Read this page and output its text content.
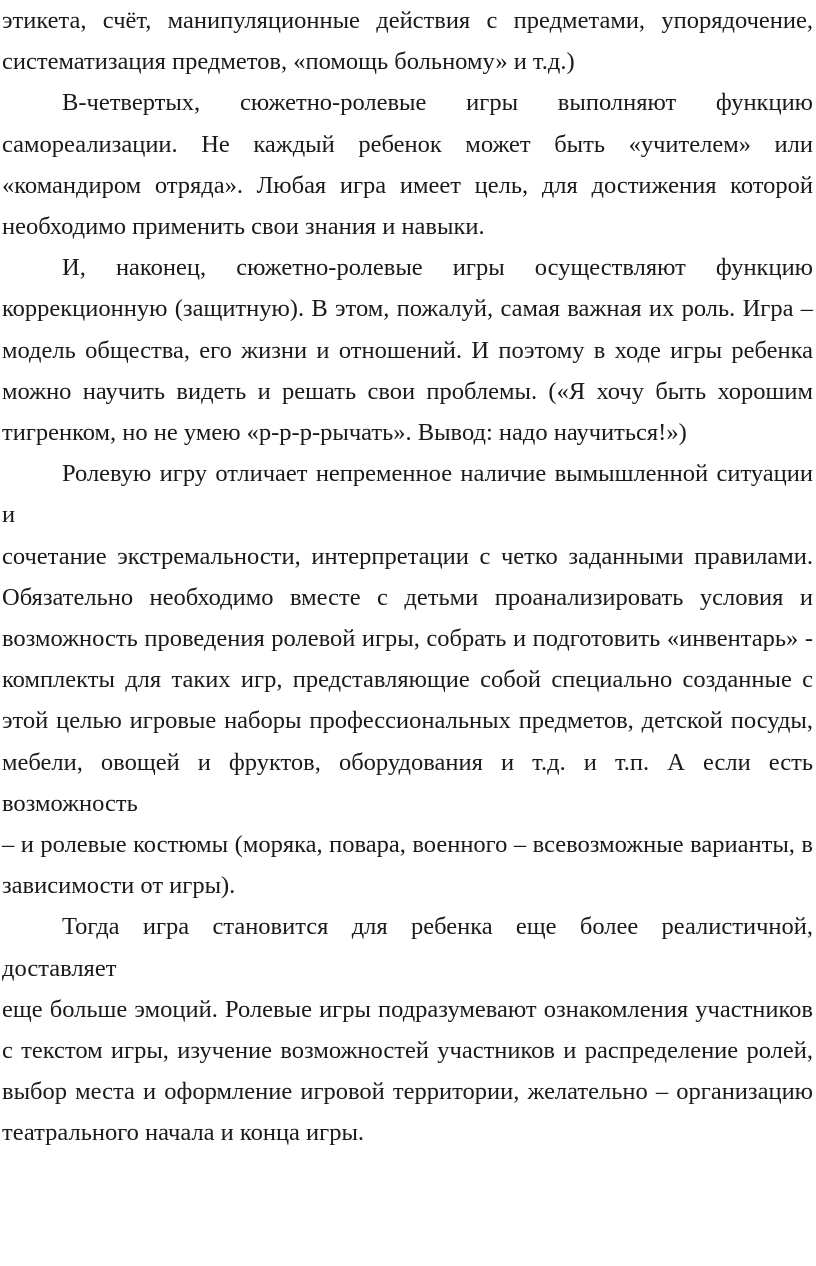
этикета, счёт, манипуляционные действия с предметами, упорядочение,
систематизация предметов, «помощь больному» и т.д.)

В-четвертых, сюжетно-ролевые игры выполняют функцию
самореализации. Не каждый ребенок может быть «учителем» или
«командиром отряда». Любая игра имеет цель, для достижения которой
необходимо применить свои знания и навыки.

И, наконец, сюжетно-ролевые игры осуществляют функцию
коррекционную (защитную). В этом, пожалуй, самая важная их роль. Игра –
модель общества, его жизни и отношений. И поэтому в ходе игры ребенка
можно научить видеть и решать свои проблемы. («Я хочу быть хорошим
тигренком, но не умею «р-р-р-рычать». Вывод: надо научиться!»)

Ролевую игру отличает непременное наличие вымышленной ситуации и
сочетание экстремальности, интерпретации с четко заданными правилами.
Обязательно необходимо вместе с детьми проанализировать условия и
возможность проведения ролевой игры, собрать и подготовить «инвентарь» -
комплекты для таких игр, представляющие собой специально созданные с
этой целью игровые наборы профессиональных предметов, детской посуды,
мебели, овощей и фруктов, оборудования и т.д. и т.п. А если есть возможность
– и ролевые костюмы (моряка, повара, военного – всевозможные варианты, в
зависимости от игры).

Тогда игра становится для ребенка еще более реалистичной, доставляет
еще больше эмоций. Ролевые игры подразумевают ознакомления участников
с текстом игры, изучение возможностей участников и распределение ролей,
выбор места и оформление игровой территории, желательно – организацию
театрального начала и конца игры.
